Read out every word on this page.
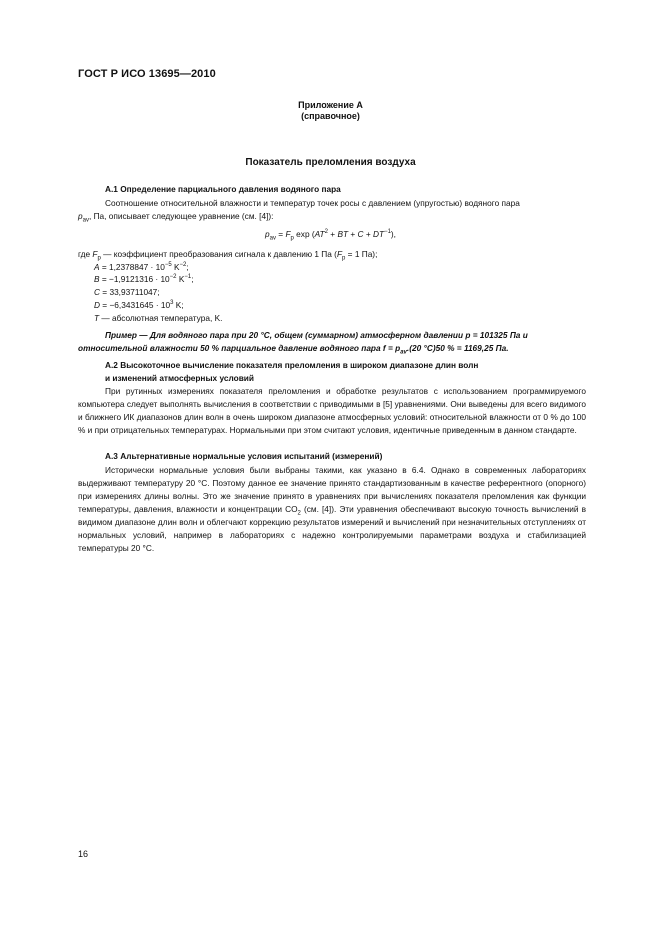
ГОСТ Р ИСО 13695—2010
Приложение А
(справочное)
Показатель преломления воздуха
А.1 Определение парциального давления водяного пара
Соотношение относительной влажности и температур точек росы с давлением (упругостью) водяного пара
$p_{av}$, Па, описывает следующее уравнение (см. [4]):
$p_{av} = F_p$ $\exp (AT^2$ + BT + $C + DT^{-1}$),
где $F_p$ — коэффициент преобразования сигнала к давлению 1 Па ($F_p = 1$ Па);
$A = 1,2378847 \cdot 10^{-5}$ $K^{-2}$;
$B = -1,9121316 \cdot 10^{-2}$ $K^{-1}$;
C = 33,93711047;
$D = -6,3431645 \cdot 10^3$ K;
T — абсолютная температура, K.
Пример — Для водяного пара при 20 °С, общем (суммарном) атмосферном давлении p = 101325 Па и
относительной влажности 50 % парциальное давление водяного пара $f = p_{av}.(20$ °С)50 % = 1169,25 Па.
А.2 Высокоточное вычисление показателя преломления в широком диапазоне длин волн
и изменений атмосферных условий
При рутинных измерениях показателя преломления и обработке результатов с использованием программируемого компьютера следует выполнять вычисления в соответствии с приводимыми в [5] уравнениями. Они выведены для всего видимого и ближнего ИК диапазонов длин волн в очень широком диапазоне атмосферных условий: относительной влажности от 0 % до 100 % и при отрицательных температурах. Нормальными при этом считают условия, идентичные приведенным в данном стандарте.
А.3 Альтернативные нормальные условия испытаний (измерений)
Исторически нормальные условия были выбраны такими, как указано в 6.4. Однако в современных лабораториях выдерживают температуру 20 °С. Поэтому данное ее значение принято стандартизованным в качестве референтного (опорного) при измерениях длины волны. Это же значение принято в уравнениях при вычислениях показателя преломления как функции температуры, давления, влажности и концентрации $CO_2$ (см. [4]). Эти уравнения обеспечивают высокую точность вычислений в видимом диапазоне длин волн и облегчают коррекцию результатов измерений и вычислений при незначительных отступлениях от нормальных условий, например в лабораториях с надежно контролируемыми параметрами воздуха и стабилизацией температуры 20 °С.
16
